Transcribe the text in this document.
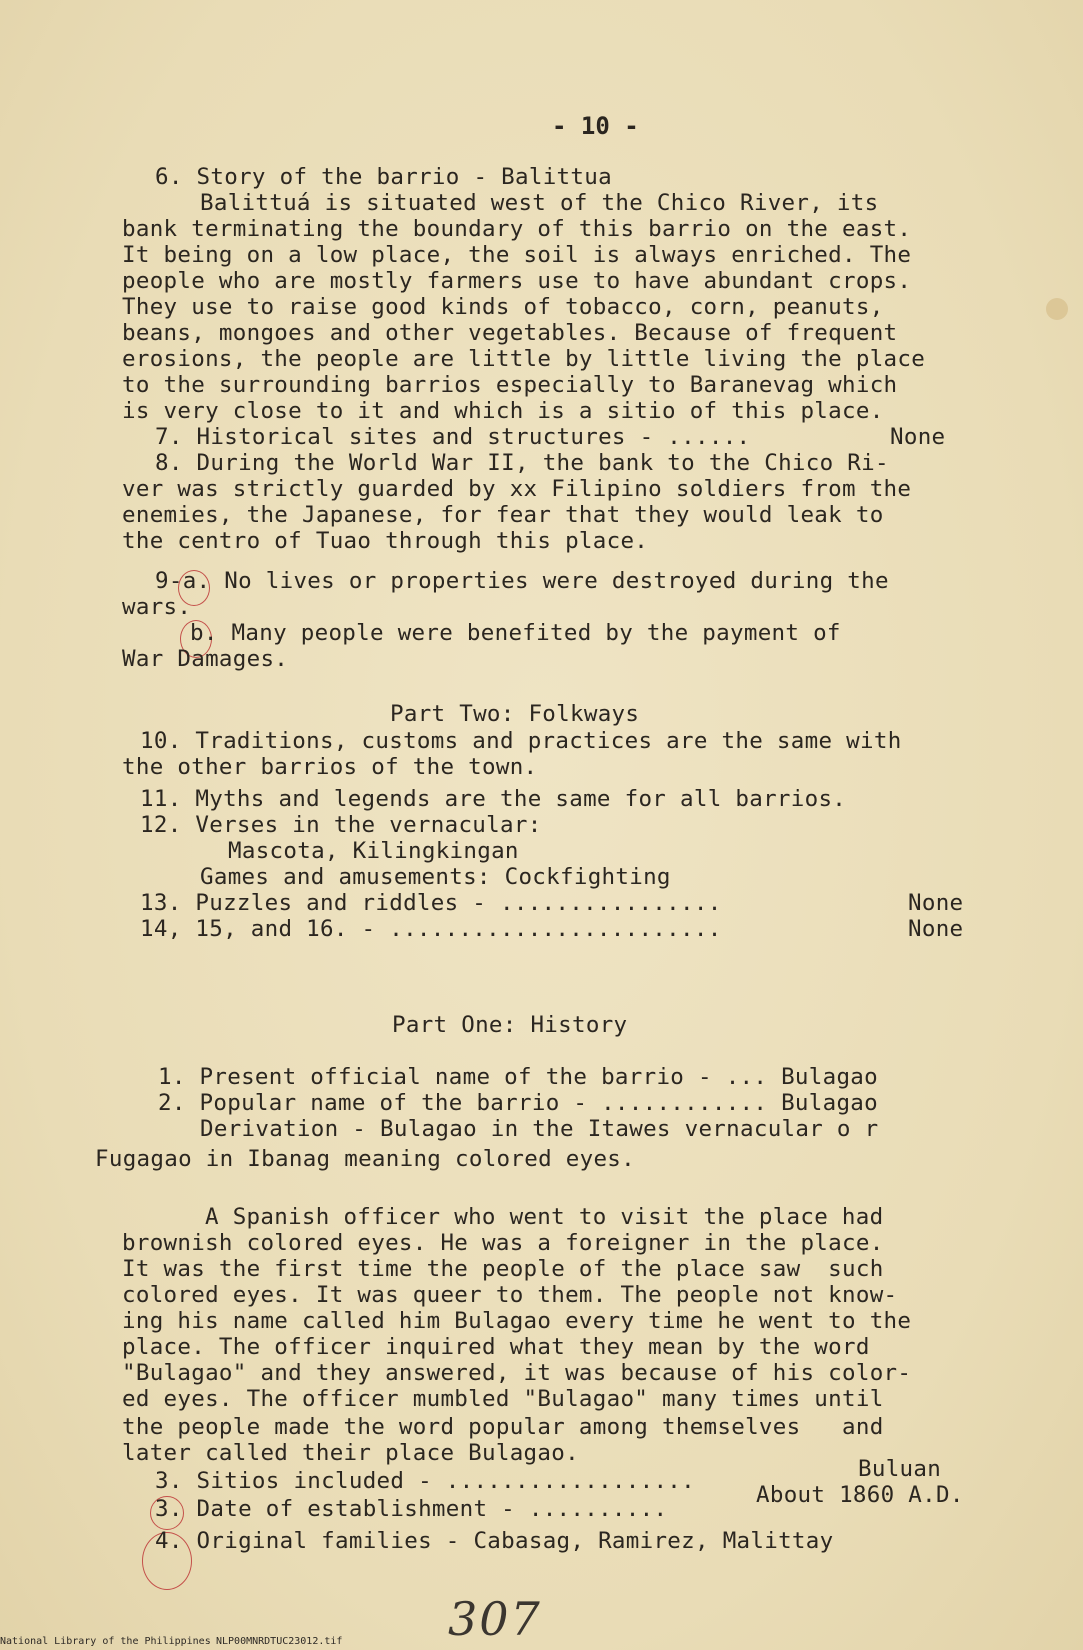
- 10 -
6. Story of the barrio - Balittua
Balittuá is situated west of the Chico River, its
bank terminating the boundary of this barrio on the east.
It being on a low place, the soil is always enriched. The
people who are mostly farmers use to have abundant crops.
They use to raise good kinds of tobacco, corn, peanuts,
beans, mongoes and other vegetables. Because of frequent
erosions, the people are little by little living the place
to the surrounding barrios especially to Baranevag which
is very close to it and which is a sitio of this place.
7. Historical sites and structures - ......	None
8. During the World War II, the bank to the Chico Ri-
ver was strictly guarded by xx Filipino soldiers from the
enemies, the Japanese, for fear that they would leak to
the centro of Tuao through this place.
9-a. No lives or properties were destroyed during the
wars.
b. Many people were benefited by the payment of
War Damages.
Part Two: Folkways
10. Traditions, customs and practices are the same with
the other barrios of the town.
11. Myths and legends are the same for all barrios.
12. Verses in the vernacular:
Mascota, Kilingkingan
Games and amusements: Cockfighting
13. Puzzles and riddles - ................	None
14, 15, and 16. - ........................	None
Part One: History
1. Present official name of the barrio - ... Bulagao
2. Popular name of the barrio - ............ Bulagao
Derivation - Bulagao in the Itawes vernacular o r
Fugagao in Ibanag meaning colored eyes.
A Spanish officer who went to visit the place had
brownish colored eyes. He was a foreigner in the place.
It was the first time the people of the place saw  such
colored eyes. It was queer to them. The people not know-
ing his name called him Bulagao every time he went to the
place. The officer inquired what they mean by the word
"Bulagao" and they answered, it was because of his color-
ed eyes. The officer mumbled "Bulagao" many times until
the people made the word popular among themselves   and
later called their place Bulagao.
3. Sitios included - ..................	Buluan
3. Date of establishment - ..........
About 1860 A.D.
4. Original families - Cabasag, Ramirez, Malittay
307
National Library of the Philippines NLP00MNRDTUC23012.tif
